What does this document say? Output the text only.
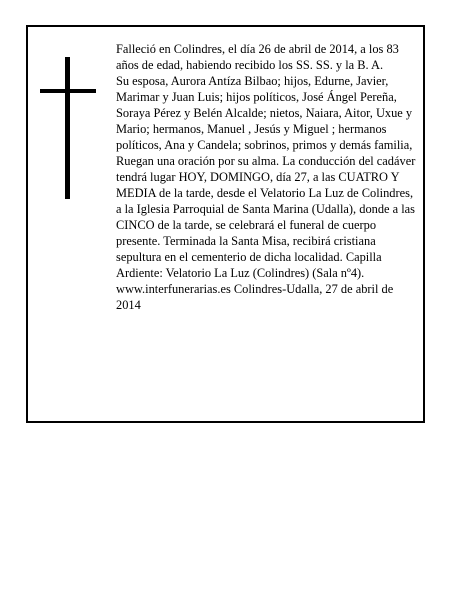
Falleció en Colindres, el día 26 de abril de 2014, a los 83 años de edad, habiendo recibido los SS. SS. y la B. A.

Su esposa, Aurora Antíza Bilbao; hijos, Edurne, Javier, Marimar y Juan Luis; hijos políticos, José Ángel Pereña, Soraya Pérez y Belén Alcalde; nietos, Naiara, Aitor, Uxue y Mario; hermanos, Manuel , Jesús y Miguel ; hermanos políticos, Ana y Candela; sobrinos, primos y demás familia,

Ruegan una oración por su alma. La conducción del cadáver tendrá lugar HOY, DOMINGO, día 27, a las CUATRO Y MEDIA de la tarde, desde el Velatorio La Luz de Colindres, a la Iglesia Parroquial de Santa Marina (Udalla), donde a las CINCO de la tarde, se celebrará el funeral de cuerpo presente. Terminada la Santa Misa, recibirá cristiana sepultura en el cementerio de dicha localidad. Capilla Ardiente: Velatorio La Luz (Colindres) (Sala nº4).

www.interfunerarias.es Colindres-Udalla, 27 de abril de 2014
